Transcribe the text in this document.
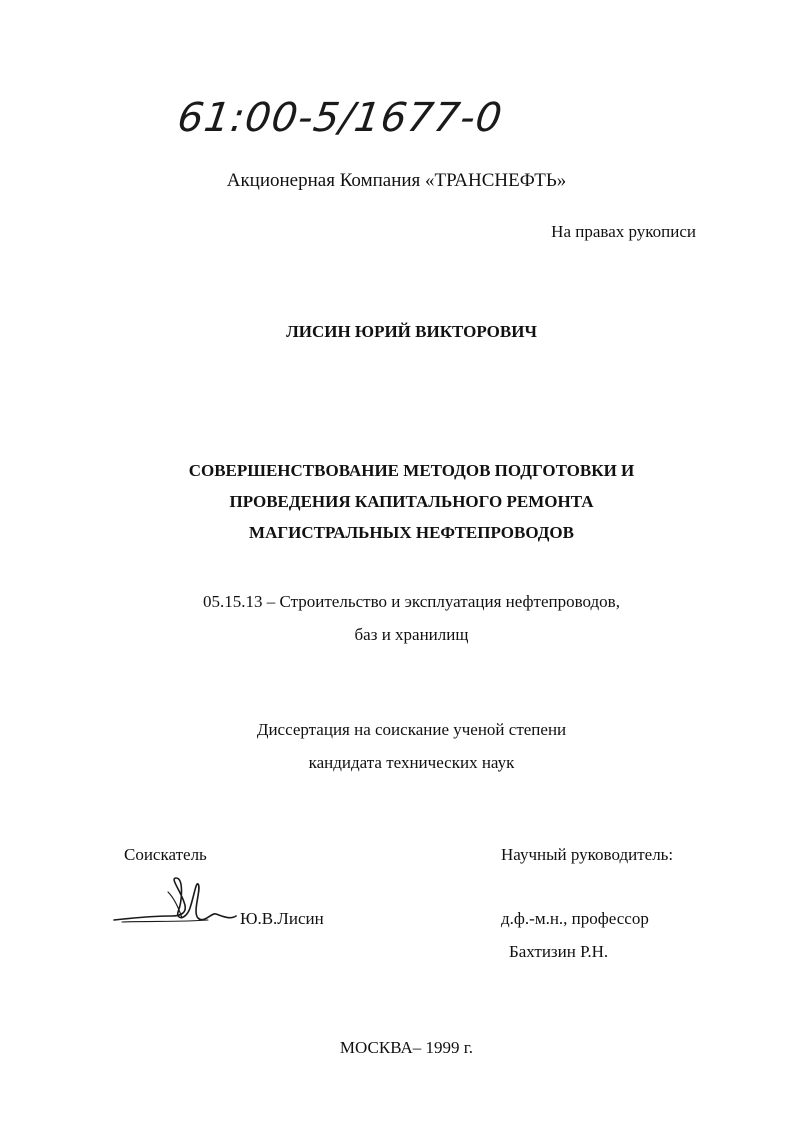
61:00-5/1677-0
Акционерная Компания «ТРАНСНЕФТЬ»
На правах рукописи
ЛИСИН ЮРИЙ ВИКТОРОВИЧ
СОВЕРШЕНСТВОВАНИЕ МЕТОДОВ ПОДГОТОВКИ И
ПРОВЕДЕНИЯ КАПИТАЛЬНОГО РЕМОНТА
МАГИСТРАЛЬНЫХ НЕФТЕПРОВОДОВ
05.15.13 – Строительство и эксплуатация нефтепроводов,
баз и хранилищ
Диссертация на соискание ученой степени
кандидата технических наук
Соискатель	Научный руководитель:
Ю.В.Лисин	д.ф.-м.н., профессор
Бахтизин Р.Н.
МОСКВА– 1999 г.
